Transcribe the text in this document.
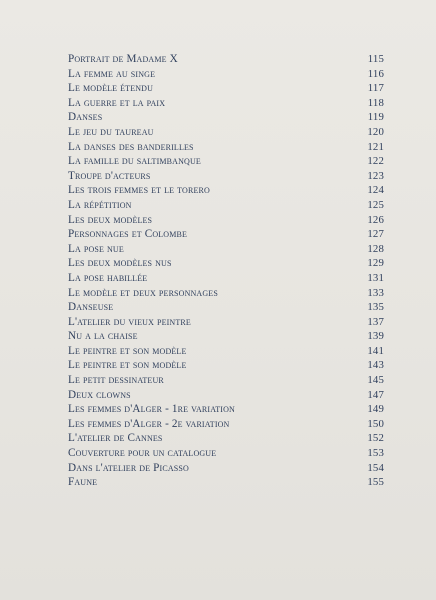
Portrait de Madame X	115
La femme au singe	116
Le modèle étendu	117
La guerre et la paix	118
Danses	119
Le jeu du taureau	120
La danses des banderilles	121
La famille du saltimbanque	122
Troupe d'acteurs	123
Les trois femmes et le torero	124
La répétition	125
Les deux modèles	126
Personnages et Colombe	127
La pose nue	128
Les deux modèles nus	129
La pose habillée	131
Le modèle et deux personnages	133
Danseuse	135
L'atelier du vieux peintre	137
Nu a la chaise	139
Le peintre et son modèle	141
Le peintre et son modèle	143
Le petit dessinateur	145
Deux clowns	147
Les femmes d'Alger - 1re variation	149
Les femmes d'Alger - 2e variation	150
L'atelier de Cannes	152
Couverture pour un catalogue	153
Dans l'atelier de Picasso	154
Faune	155
